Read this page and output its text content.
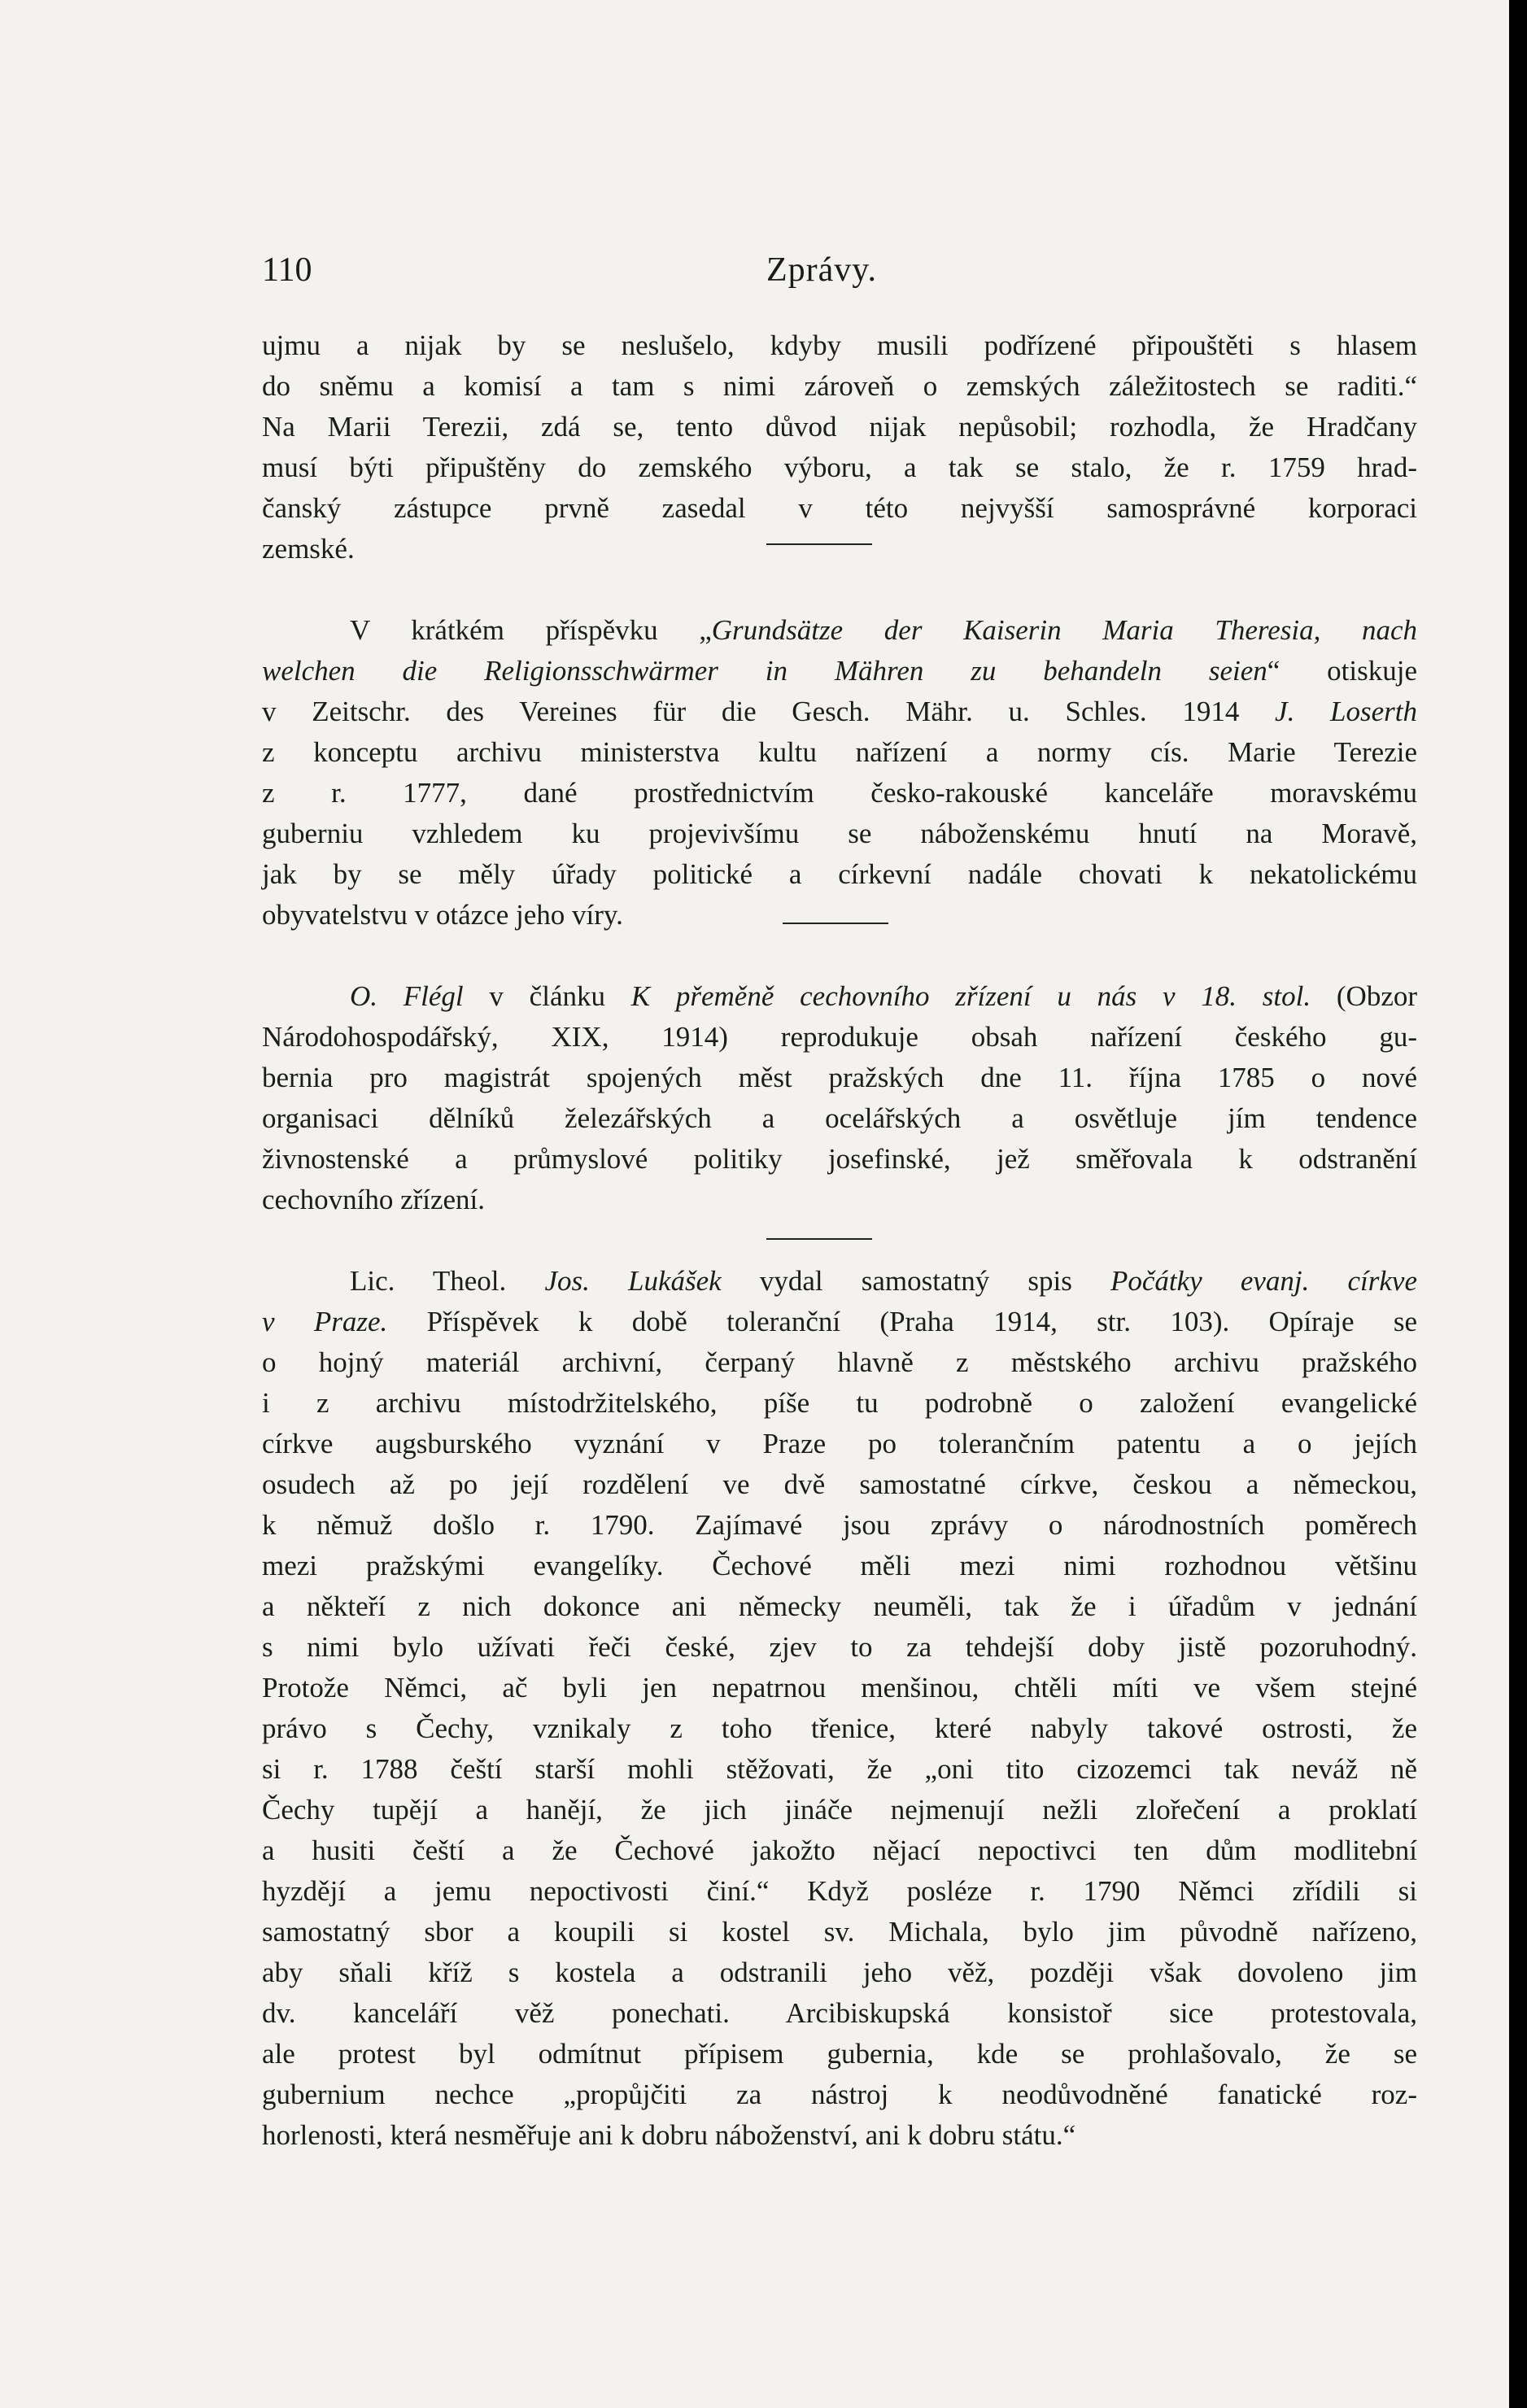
110	Zprávy.
ujmu a nijak by se neslušelo, kdyby musili podřízené připouštěti s hlasem
do sněmu a komisí a tam s nimi zároveň o zemských záležitostech se raditi.“
Na Marii Terezii, zdá se, tento důvod nijak nepůsobil; rozhodla, že Hradčany
musí býti připuštěny do zemského výboru, a tak se stalo, že r. 1759 hrad-
čanský zástupce prvně zasedal v této nejvyšší samosprávné korporaci
zemské.
V krátkém příspěvku „Grundsätze der Kaiserin Maria Theresia, nach
welchen die Religionsschwärmer in Mähren zu behandeln seien“ otiskuje
v Zeitschr. des Vereines für die Gesch. Mähr. u. Schles. 1914 J. Loserth
z konceptu archivu ministerstva kultu nařízení a normy cís. Marie Terezie
z r. 1777, dané prostřednictvím česko-rakouské kanceláře moravskému
guberniu vzhledem ku projevivšímu se náboženskému hnutí na Moravě,
jak by se měly úřady politické a církevní nadále chovati k nekatolickému
obyvatelstvu v otázce jeho víry.
O. Flégl v článku K přeměně cechovního zřízení u nás v 18. stol. (Obzor
Národohospodářský, XIX, 1914) reprodukuje obsah nařízení českého gu-
bernia pro magistrát spojených měst pražských dne 11. října 1785 o nové
organisaci dělníků železářských a ocelářských a osvětluje jím tendence
živnostenské a průmyslové politiky josefinské, jež směřovala k odstranění
cechovního zřízení.
Lic. Theol. Jos. Lukášek vydal samostatný spis Počátky evanj. církve
v Praze. Příspěvek k době toleranční (Praha 1914, str. 103). Opíraje se
o hojný materiál archivní, čerpaný hlavně z městského archivu pražského
i z archivu místodržitelského, píše tu podrobně o založení evangelické
církve augsburského vyznání v Praze po tolerančním patentu a o jejích
osudech až po její rozdělení ve dvě samostatné církve, českou a německou,
k němuž došlo r. 1790. Zajímavé jsou zprávy o národnostních poměrech
mezi pražskými evangelíky. Čechové měli mezi nimi rozhodnou většinu
a někteří z nich dokonce ani německy neuměli, tak že i úřadům v jednání
s nimi bylo užívati řeči české, zjev to za tehdejší doby jistě pozoruhodný.
Protože Němci, ač byli jen nepatrnou menšinou, chtěli míti ve všem stejné
právo s Čechy, vznikaly z toho třenice, které nabyly takové ostrosti, že
si r. 1788 čeští starší mohli stěžovati, že „oni tito cizozemci tak neváž ně
Čechy tupějí a hanějí, že jich jináče nejmenují nežli zlořečení a proklatí
a husiti čeští a že Čechové jakožto nějací nepoctivci ten dům modlitební
hyzdějí a jemu nepoctivosti činí.“ Když posléze r. 1790 Němci zřídili si
samostatný sbor a koupili si kostel sv. Michala, bylo jim původně nařízeno,
aby sňali kříž s kostela a odstranili jeho věž, později však dovoleno jim
dv. kanceláří věž ponechati. Arcibiskupská konsistoř sice protestovala,
ale protest byl odmítnut přípisem gubernia, kde se prohlašovalo, že se
gubernium nechce „propůjčiti za nástroj k neodůvodněné fanatické roz-
horlenosti, která nesměřuje ani k dobru náboženství, ani k dobru státu.“
